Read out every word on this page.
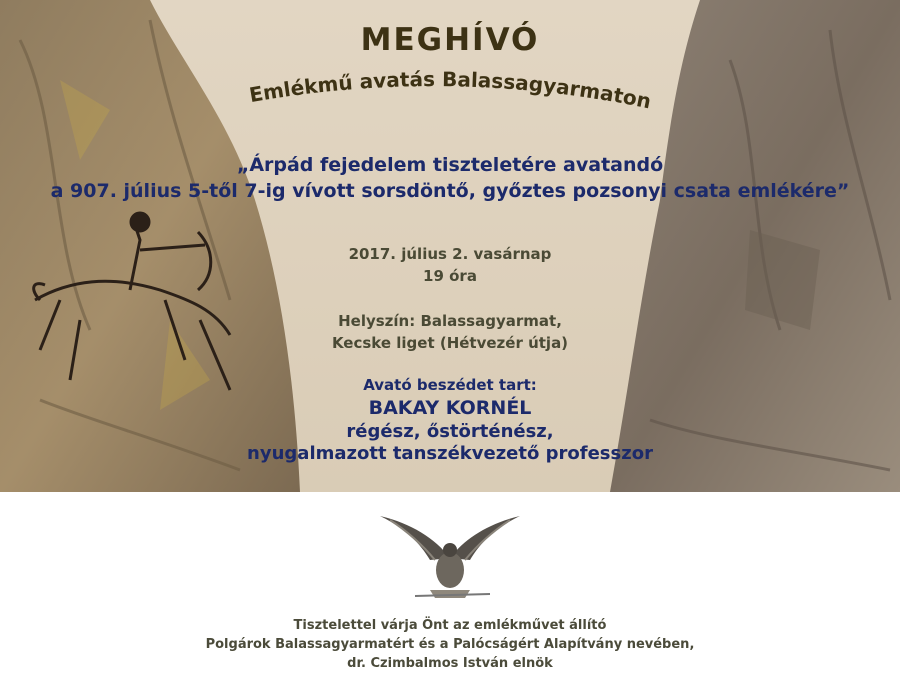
MEGHÍVÓ
Emlékmű avatás Balassagyarmaton
„Árpád fejedelem tiszteletére avatandó
a 907. július 5-től 7-ig vívott sorsdöntő, győztes pozsonyi csata emlékére”
2017. július 2. vasárnap
19 óra
Helyszín: Balassagyarmat,
Kecske liget (Hétvezér útja)
Avató beszédet tart:
BAKAY KORNÉL
régész, őstörténész,
nyugalmazott tanszékvezető professzor
Tisztelettel várja Önt az emlékművet állító
Polgárok Balassagyarmatért és a Palócságért Alapítvány nevében,
dr. Czimbalmos István elnök
